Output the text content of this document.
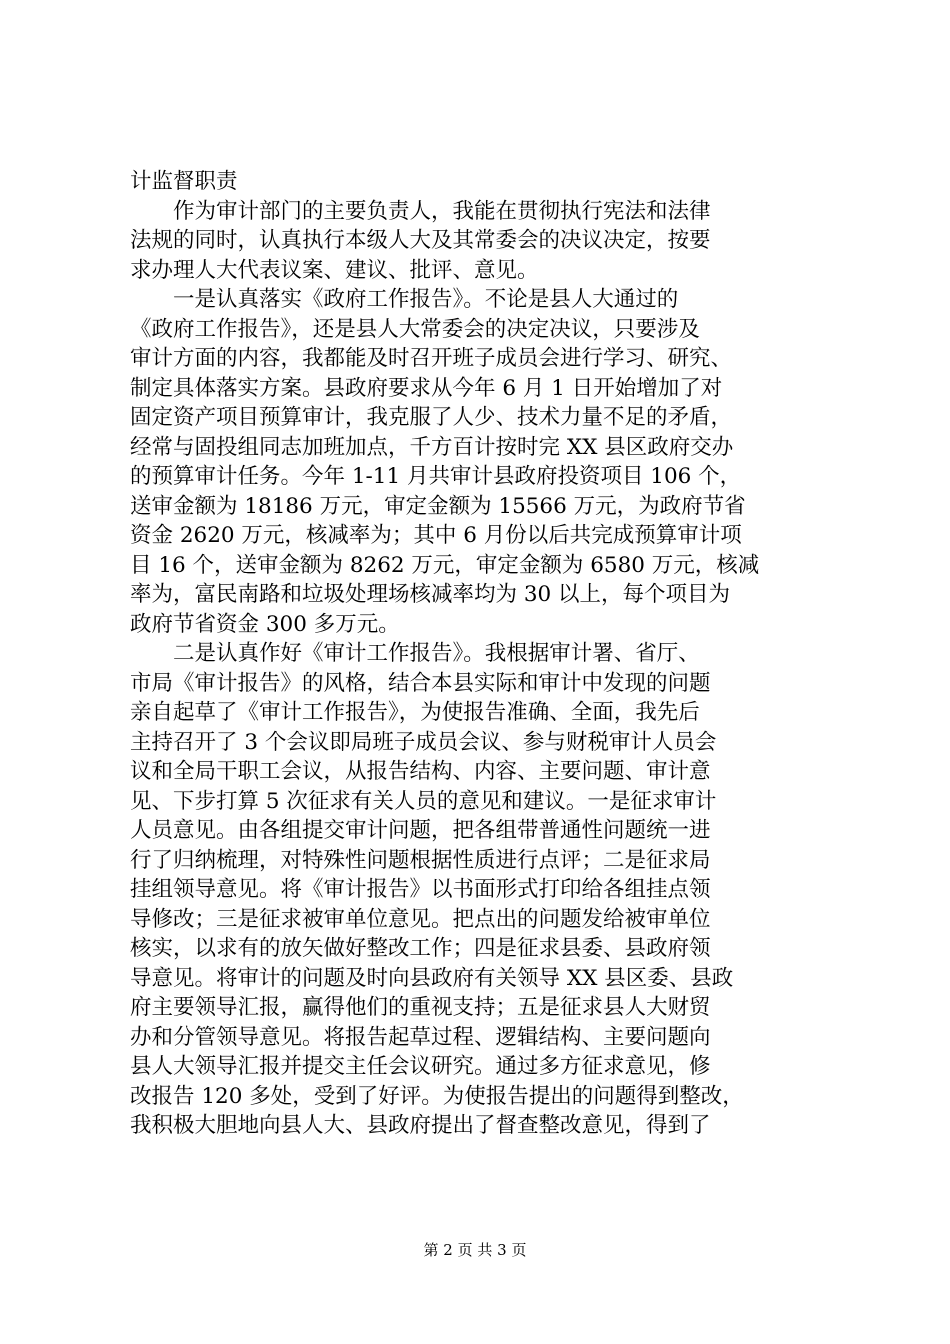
计监督职责
　　作为审计部门的主要负责人，我能在贯彻执行宪法和法律
法规的同时，认真执行本级人大及其常委会的决议决定，按要
求办理人大代表议案、建议、批评、意见。
　　一是认真落实《政府工作报告》。不论是县人大通过的
《政府工作报告》，还是县人大常委会的决定决议，只要涉及
审计方面的内容，我都能及时召开班子成员会进行学习、研究、
制定具体落实方案。县政府要求从今年 6 月 1 日开始增加了对
固定资产项目预算审计，我克服了人少、技术力量不足的矛盾，
经常与固投组同志加班加点，千方百计按时完 XX 县区政府交办
的预算审计任务。今年 1-11 月共审计县政府投资项目 106 个，
送审金额为 18186 万元，审定金额为 15566 万元，为政府节省
资金 2620 万元，核减率为；其中 6 月份以后共完成预算审计项
目 16 个，送审金额为 8262 万元，审定金额为 6580 万元，核减
率为，富民南路和垃圾处理场核减率均为 30 以上，每个项目为
政府节省资金 300 多万元。
　　二是认真作好《审计工作报告》。我根据审计署、省厅、
市局《审计报告》的风格，结合本县实际和审计中发现的问题
亲自起草了《审计工作报告》，为使报告准确、全面，我先后
主持召开了 3 个会议即局班子成员会议、参与财税审计人员会
议和全局干职工会议，从报告结构、内容、主要问题、审计意
见、下步打算 5 次征求有关人员的意见和建议。一是征求审计
人员意见。由各组提交审计问题，把各组带普通性问题统一进
行了归纳梳理，对特殊性问题根据性质进行点评；二是征求局
挂组领导意见。将《审计报告》以书面形式打印给各组挂点领
导修改；三是征求被审单位意见。把点出的问题发给被审单位
核实，以求有的放矢做好整改工作；四是征求县委、县政府领
导意见。将审计的问题及时向县政府有关领导 XX 县区委、县政
府主要领导汇报，赢得他们的重视支持；五是征求县人大财贸
办和分管领导意见。将报告起草过程、逻辑结构、主要问题向
县人大领导汇报并提交主任会议研究。通过多方征求意见，修
改报告 120 多处，受到了好评。为使报告提出的问题得到整改，
我积极大胆地向县人大、县政府提出了督查整改意见，得到了
第 2 页 共 3 页
